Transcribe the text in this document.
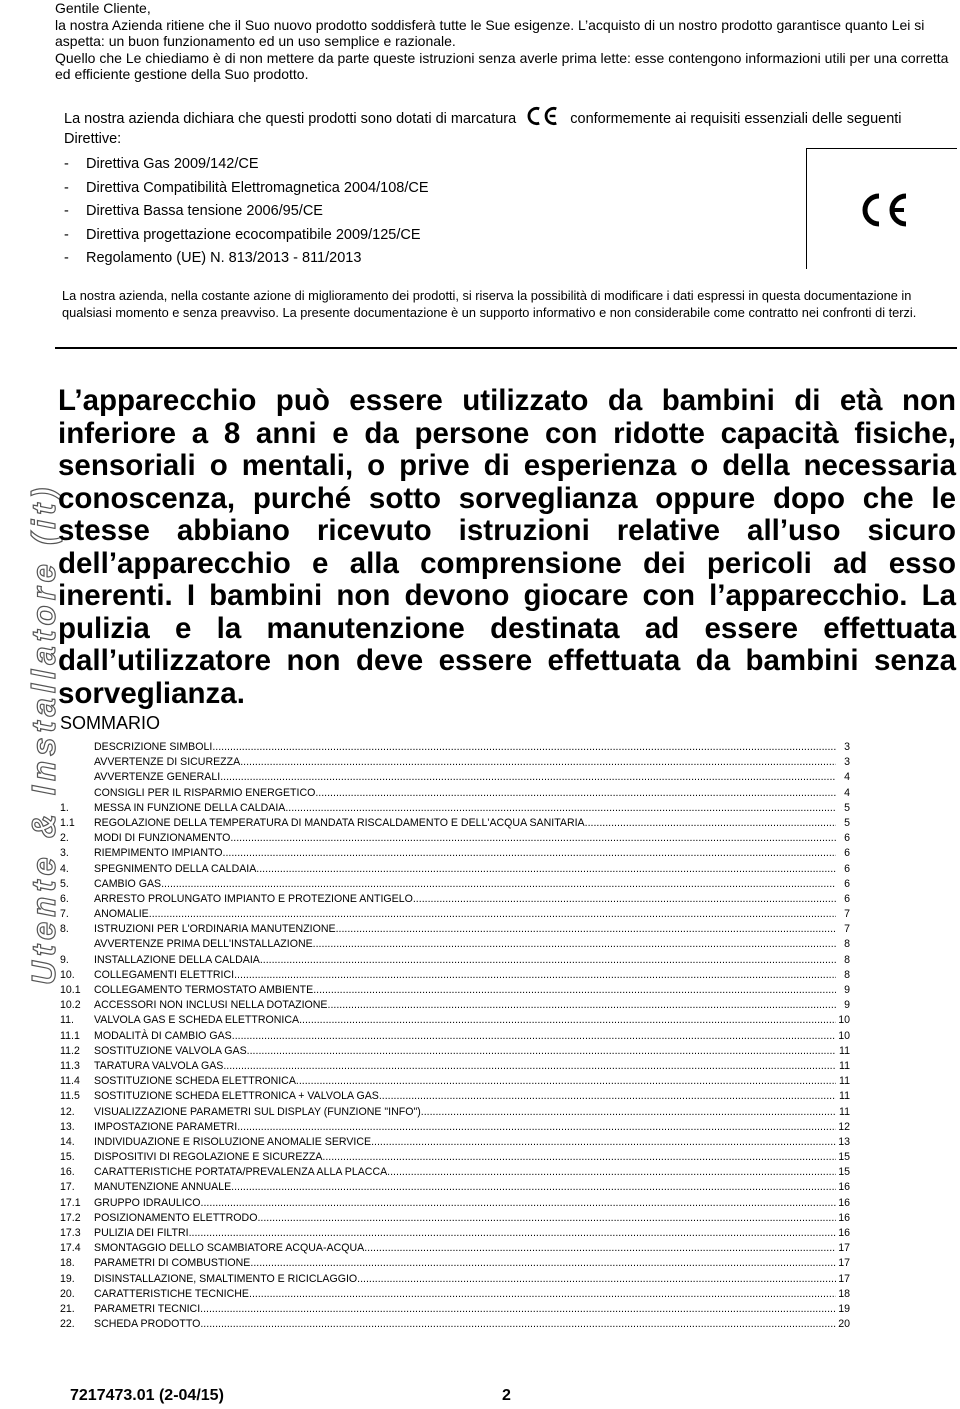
Gentile Cliente,

la nostra Azienda ritiene che il Suo nuovo prodotto soddisferà tutte le Sue esigenze. L’acquisto di un nostro prodotto garantisce quanto Lei si aspetta: un buon funzionamento ed un uso semplice e razionale.

Quello che Le chiediamo è di non mettere da parte queste istruzioni senza averle prima lette: esse contengono informazioni utili per una corretta ed efficiente gestione della Suo prodotto.

La nostra azienda dichiara che questi prodotti sono dotati di marcatura	conformemente ai requisiti essenziali delle seguenti Direttive:
- Direttiva Gas 2009/142/CE
- Direttiva Compatibilità Elettromagnetica 2004/108/CE
- Direttiva Bassa tensione 2006/95/CE
- Direttiva progettazione ecocompatibile 2009/125/CE
- Regolamento (UE) N. 813/2013 - 811/2013

La nostra azienda, nella costante azione di miglioramento dei prodotti, si riserva la possibilità di modificare i dati espressi in questa documentazione in qualsiasi momento e senza preavviso. La presente documentazione è un supporto informativo e non considerabile come contratto nei confronti di terzi.

Utente & Installatore (it)

L’apparecchio può essere utilizzato da bambini di età non inferiore a 8 anni e da persone con ridotte capacità fisiche, sensoriali o mentali, o prive di esperienza o della necessaria conoscenza, purché sotto sorveglianza oppure dopo che le stesse abbiano ricevuto istruzioni relative all’uso sicuro dell’apparecchio e alla comprensione dei pericoli ad esso inerenti. I bambini non devono giocare con l’apparecchio. La pulizia e la manutenzione destinata ad essere effettuata dall’utilizzatore non deve essere effettuata da bambini senza sorveglianza.

SOMMARIO
DESCRIZIONE SIMBOLI .....	3
AVVERTENZE DI SICUREZZA .....	3
AVVERTENZE GENERALI .....	4
CONSIGLI PER IL RISPARMIO ENERGETICO .....	4
1.	MESSA IN FUNZIONE DELLA CALDAIA .....	5
1.1	REGOLAZIONE DELLA TEMPERATURA DI MANDATA RISCALDAMENTO E DELL'ACQUA SANITARIA .....	5
2.	MODI DI FUNZIONAMENTO .....	6
3.	RIEMPIMENTO IMPIANTO .....	6
4.	SPEGNIMENTO DELLA CALDAIA .....	6
5.	CAMBIO GAS .....	6
6.	ARRESTO PROLUNGATO IMPIANTO E PROTEZIONE ANTIGELO .....	6
7.	ANOMALIE .....	7
8.	ISTRUZIONI PER L'ORDINARIA MANUTENZIONE .....	7
AVVERTENZE PRIMA DELL'INSTALLAZIONE .....	8
9.	INSTALLAZIONE DELLA CALDAIA .....	8
10.	COLLEGAMENTI ELETTRICI .....	8
10.1	COLLEGAMENTO TERMOSTATO AMBIENTE .....	9
10.2	ACCESSORI NON INCLUSI NELLA DOTAZIONE .....	9
11.	VALVOLA GAS E SCHEDA ELETTRONICA .....	10
11.1	MODALITÀ DI CAMBIO GAS .....	10
11.2	SOSTITUZIONE VALVOLA GAS .....	11
11.3	TARATURA VALVOLA GAS .....	11
11.4	SOSTITUZIONE SCHEDA ELETTRONICA .....	11
11.5	SOSTITUZIONE SCHEDA ELETTRONICA + VALVOLA GAS .....	11
12.	VISUALIZZAZIONE PARAMETRI SUL DISPLAY (FUNZIONE "INFO") .....	11
13.	IMPOSTAZIONE PARAMETRI .....	12
14.	INDIVIDUAZIONE E RISOLUZIONE ANOMALIE SERVICE .....	13
15.	DISPOSITIVI DI REGOLAZIONE E SICUREZZA .....	15
16.	CARATTERISTICHE PORTATA/PREVALENZA ALLA PLACCA .....	15
17.	MANUTENZIONE ANNUALE .....	16
17.1	GRUPPO IDRAULICO .....	16
17.2	POSIZIONAMENTO ELETTRODO .....	16
17.3	PULIZIA DEI FILTRI .....	16
17.4	SMONTAGGIO DELLO SCAMBIATORE ACQUA-ACQUA .....	17
18.	PARAMETRI DI COMBUSTIONE .....	17
19.	DISINSTALLAZIONE, SMALTIMENTO E RICICLAGGIO .....	17
20.	CARATTERISTICHE TECNICHE .....	18
21.	PARAMETRI TECNICI .....	19
22.	SCHEDA PRODOTTO .....	20
7217473.01 (2-04/15)	2
